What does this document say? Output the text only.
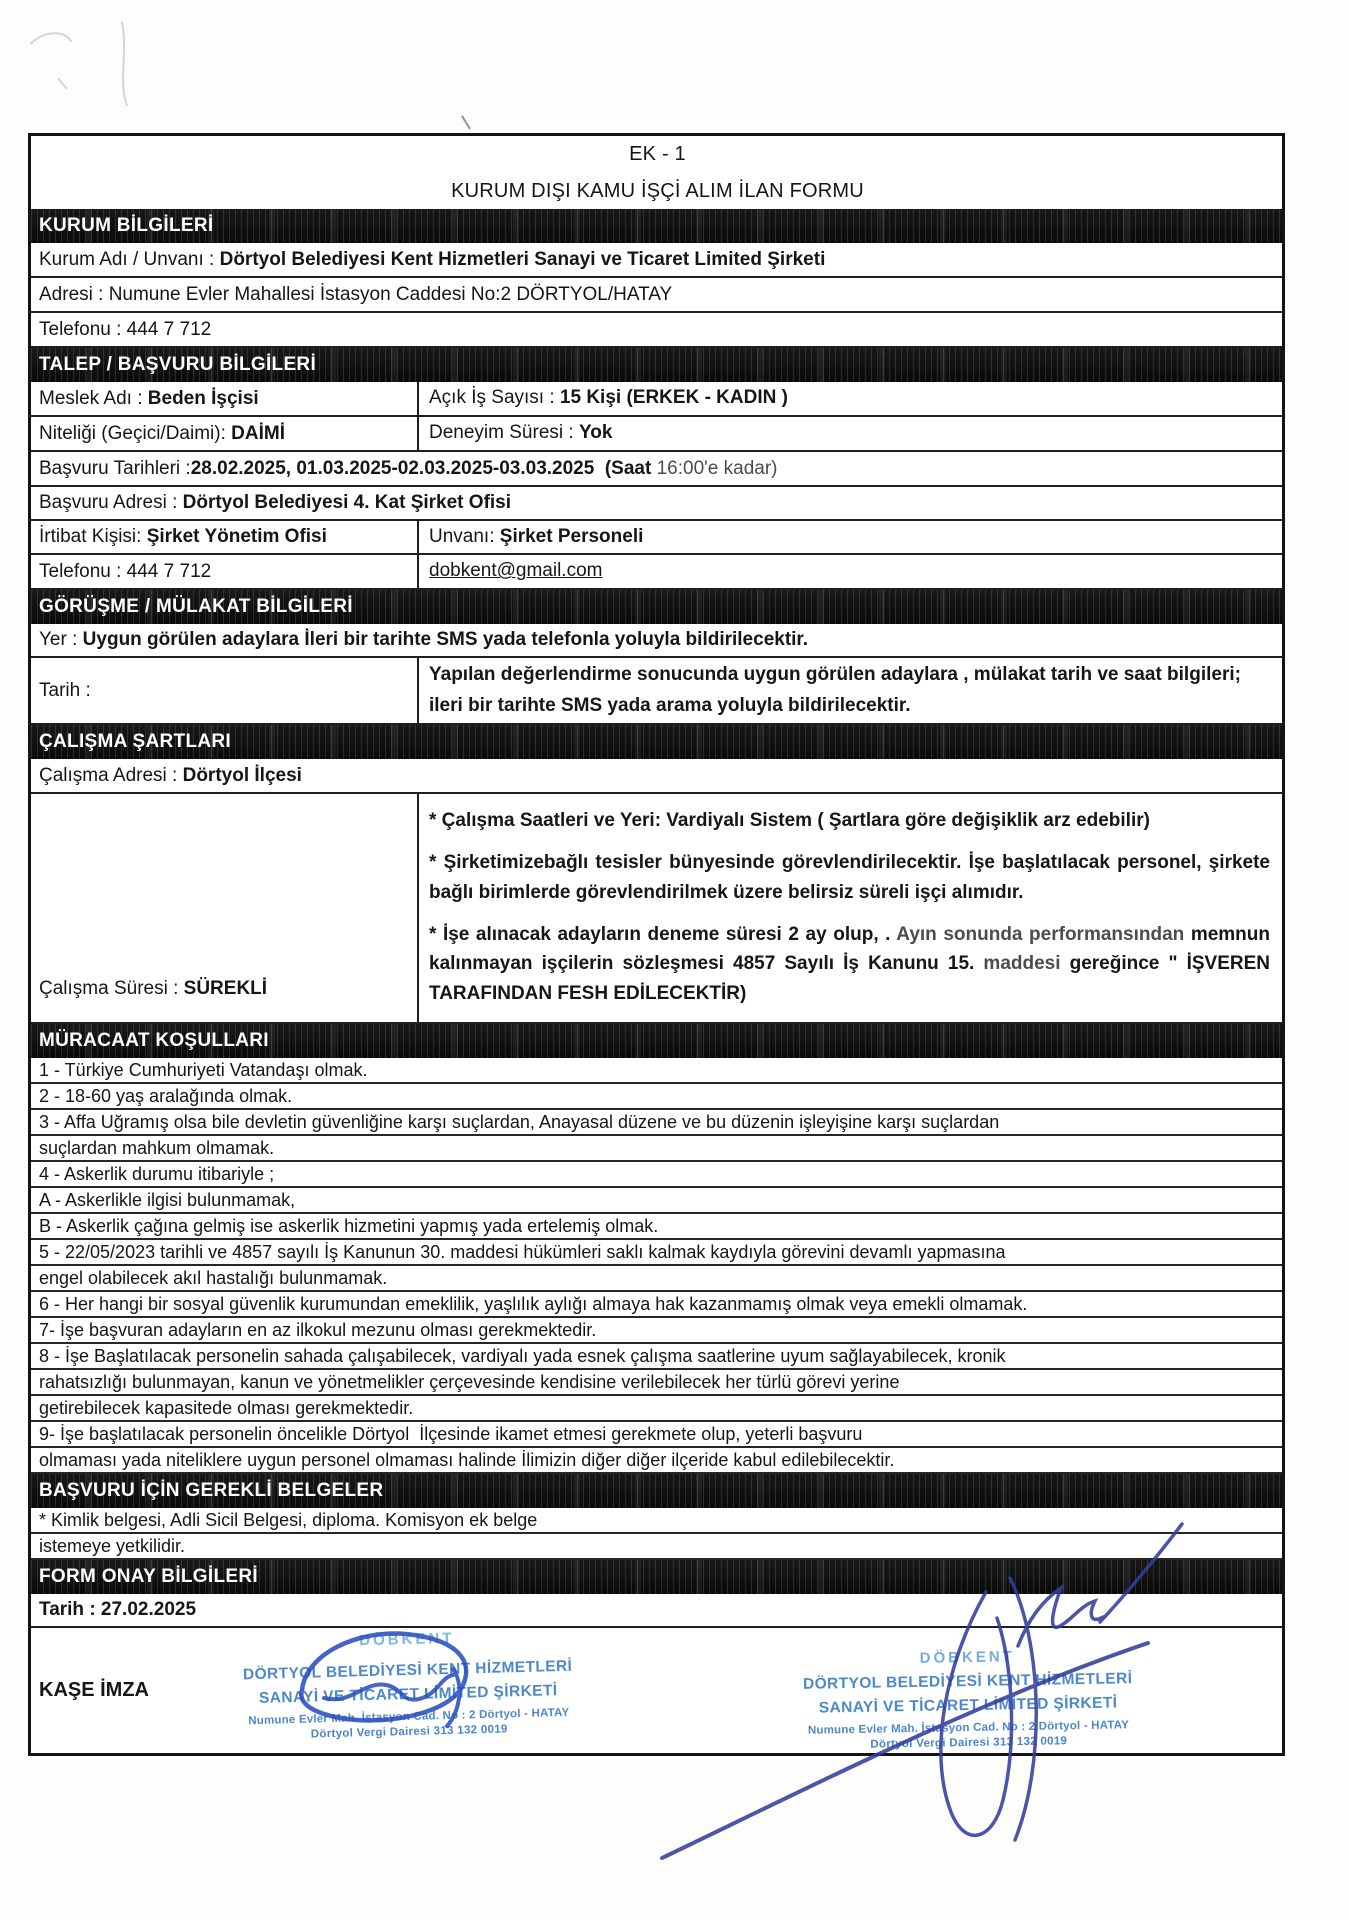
EK - 1
KURUM DIŞI KAMU İŞÇİ ALIM İLAN FORMU
KURUM BİLGİLERİ
Kurum Adı / Unvanı : Dörtyol Belediyesi Kent Hizmetleri Sanayi ve Ticaret Limited Şirketi
Adresi : Numune Evler Mahallesi İstasyon Caddesi No:2 DÖRTYOL/HATAY
Telefonu : 444 7 712
TALEP / BAŞVURU BİLGİLERİ
Meslek Adı : Beden İşçisi	Açık İş Sayısı : 15 Kişi (ERKEK - KADIN )
Niteliği (Geçici/Daimi): DAİMİ	Deneyim Süresi : Yok
Başvuru Tarihleri : 28.02.2025, 01.03.2025-02.03.2025-03.03.2025  (Saat 16:00'e kadar)
Başvuru Adresi : Dörtyol Belediyesi 4. Kat Şirket Ofisi
İrtibat Kişisi: Şirket Yönetim Ofisi	Unvanı: Şirket Personeli
Telefonu : 444 7 712	dobkent@gmail.com
GÖRÜŞME / MÜLAKAT BİLGİLERİ
Yer : Uygun görülen adaylara İleri bir tarihte SMS yada telefonla yoluyla bildirilecektir.
Tarih :
Yapılan değerlendirme sonucunda uygun görülen adaylara , mülakat tarih ve saat bilgileri; ileri bir tarihte SMS yada arama yoluyla bildirilecektir.
ÇALIŞMA ŞARTLARI
Çalışma Adresi : Dörtyol İlçesi
Çalışma Süresi : SÜREKLİ
* Çalışma Saatleri ve Yeri: Vardiyalı Sistem ( Şartlara göre değişiklik arz edebilir)
* Şirketimizebağlı tesisler bünyesinde görevlendirilecektir. İşe başlatılacak personel, şirkete bağlı birimlerde görevlendirilmek üzere belirsiz süreli işçi alımıdır.
* İşe alınacak adayların deneme süresi 2 ay olup, . Ayın sonunda performansından memnun kalınmayan işçilerin sözleşmesi 4857 Sayılı İş Kanunu 15. maddesi gereğince " İŞVEREN TARAFINDAN FESH EDİLECEKTİR)
MÜRACAAT KOŞULLARI
1 - Türkiye Cumhuriyeti Vatandaşı olmak.
2 - 18-60 yaş aralağında olmak.
3 - Affa Uğramış olsa bile devletin güvenliğine karşı suçlardan, Anayasal düzene ve bu düzenin işleyişine karşı suçlardan
suçlardan mahkum olmamak.
4 - Askerlik durumu itibariyle ;
A - Askerlikle ilgisi bulunmamak,
B - Askerlik çağına gelmiş ise askerlik hizmetini yapmış yada ertelemiş olmak.
5 - 22/05/2023 tarihli ve 4857 sayılı İş Kanunun 30. maddesi hükümleri saklı kalmak kaydıyla görevini devamlı yapmasına
engel olabilecek akıl hastalığı bulunmamak.
6 - Her hangi bir sosyal güvenlik kurumundan emeklilik, yaşlılık aylığı almaya hak kazanmamış olmak veya emekli olmamak.
7- İşe başvuran adayların en az ilkokul mezunu olması gerekmektedir.
8 - İşe Başlatılacak personelin sahada çalışabilecek, vardiyalı yada esnek çalışma saatlerine uyum sağlayabilecek, kronik
rahatsızlığı bulunmayan, kanun ve yönetmelikler çerçevesinde kendisine verilebilecek her türlü görevi yerine
getirebilecek kapasitede olması gerekmektedir.
9- İşe başlatılacak personelin öncelikle Dörtyol  İlçesinde ikamet etmesi gerekmete olup, yeterli başvuru
olmaması yada niteliklere uygun personel olmaması halinde İlimizin diğer diğer ilçeride kabul edilebilecektir.
BAŞVURU İÇİN GEREKLİ BELGELER
* Kimlik belgesi, Adli Sicil Belgesi, diploma. Komisyon ek belge
istemeye yetkilidir.
FORM ONAY BİLGİLERİ
Tarih : 27.02.2025
KAŞE İMZA
DÖBKENT
DÖRTYOL BELEDİYESİ KENT HİZMETLERİ
SANAYİ VE TİCARET LİMİTED ŞİRKETİ
Numune Evler Mah. İstasyon Cad. No : 2 Dörtyol - HATAY
Dörtyol Vergi Dairesi 313 132 0019
DÖBKENT
DÖRTYOL BELEDİYESİ KENT HİZMETLERİ
SANAYİ VE TİCARET LİMİTED ŞİRKETİ
Numune Evler Mah. İstasyon Cad. No : 2 Dörtyol - HATAY
Dörtyol Vergi Dairesi 313 132 0019
